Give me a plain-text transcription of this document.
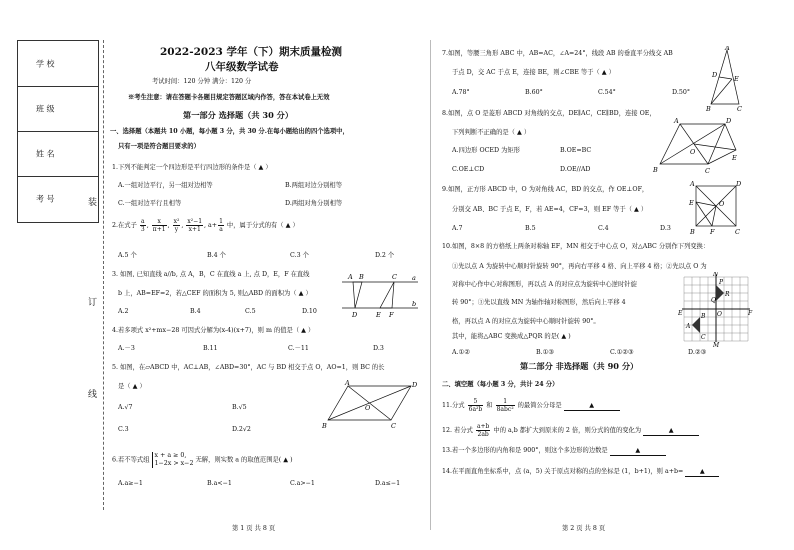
学 校
班 级
姓 名
考 号	装
订
线
2022-2023 学年（下）期末质量检测
八年级数学试卷
考试时间：120 分钟 满分：120 分
※考生注意：请在答题卡各题目规定答题区域内作答，答在本试卷上无效
第一部分 选择题（共 30 分）
一、选择题（本题共 10 小题，每小题 3 分，共 30 分.在每小题给出的四个选项中，
只有一项是符合题目要求的）
1.下列不能判定一个四边形是平行四边形的条件是（ ▲ ）
A.一组对边平行，另一组对边相等	B.两组对边分别相等
C.一组对边平行且相等	D.两组对角分别相等
2.在式子 $\frac{a}{3}$ , $\frac{x}{\pi+1}$ , $\frac{\text{x²}}{y}$ , $\frac{\text{x²−1}}{x+1}$ , $a+ \frac{1}{a}$ 中，属于分式的有（ ▲ ）
A.5 个	B.4 个	C.3 个	D.2 个
3. 如图, 已知直线 a//b, 点 A，B，C 在直线 a 上, 点 D，E，F 在直线
b 上，AB=EF=2，若△CEF 的面积为 5, 则△ABD 的面积为（ ▲ ）
A.2	B.4	C.5	D.10
A B	C
D	E F
a
b
4.若多项式 x²+mx−28 可因式分解为(x-4)(x+7)，则 m 的值是（ ▲ ）
A.－3	B.11	C.－11	D.3
5. 如图，在▱ABCD 中，AC⊥AB，∠ABD=30°，AC 与 BD 相交于点 O，AO=1，则 BC 的长
是（ ▲ ）
A.√7	B.√5
C.3	D.2√2
A	D
B	C
O
6.若不等式组
x + a ≥ 0,
1−2x > x−2 无解，则实数 a 的取值范围是( ▲ )
A.a≥−1	B.a<−1	C.a>−1	D.a≤−1
第 1 页 共 8 页
7.如图，等腰三角形 ABC 中，AB=AC，∠A=24°，线段 AB 的垂直平分线交 AB
于点 D，交 AC 于点 E，连接 BE，则∠CBE 等于（ ▲ ）
A.78°	B.60°	C.54°	D.50°
A
D	E
B	C
8.如图，点 O 是菱形 ABCD 对角线的交点，DE∥AC，CE∥BD，连接 OE，
下列判断不正确的是（ ▲ ）
A.四边形 OCED 为矩形	B.OE=BC
C.OE⊥CD	D.OE//AD
A	D
B	C
O
E
9.如图，正方形 ABCD 中，O 为对角线 AC，BD 的交点，作 OE⊥OF，
分别交 AB、BC 于点 E，F，若 AE=4，CF=3，则 EF 等于（ ▲ ）
A.7	B.5	C.4	D.3
A	D
B	C
E
F
O
10.如图，8×8 的方格纸上两条对称轴 EF，MN 相交于中心点 O，对△ABC 分别作下列变换：
①先以点 A 为旋转中心顺时针旋转 90°，再向右平移 4 格、向上平移 4 格；②先以点 O 为
对称中心作中心对称图形，再以点 A 的对应点为旋转中心逆时针旋
转 90°；③先以直线 MN 为轴作轴对称图形，然后向上平移 4
格，再以点 A 的对应点为旋转中心顺时针旋转 90°。
其中，能将△ABC 变换成△PQR 的是( ▲ )
A.①②	B.①③	C.①②③	D.②③
N
M
E	F
O
P
Q
R
A
B
C
第二部分 非选择题（共 90 分）
二、填空题（每小题 3 分，共计 24 分）
11.分式 $\frac{5}{\text{6a²b}}$ 和 $\frac{1}{\text{8abc²}}$ 的最简公分母是	▲
12. 若分式 $\frac{a+b}{2ab}$ 中的 a,b 都扩大到原来的 2 倍，则分式的值的变化为	▲
13.若一个多边形的内角和是 900°，则这个多边形的边数是	▲
14.在平面直角坐标系中，点 (a，5) 关于原点对称的点的坐标是 (1，b+1)，则 a+b=	▲
第 2 页 共 8 页
